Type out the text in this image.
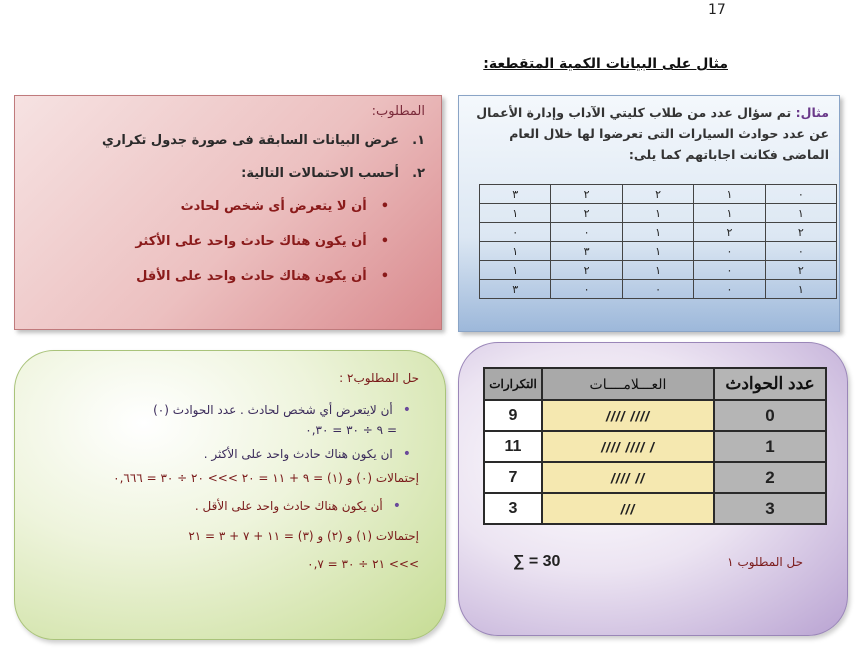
17
مثال على البيانات الكمية المتقطعة:
المطلوب:
١.
عرض البيانات السابقة فى صورة جدول تكراري
٢.
أحسب الاحتمالات التالية:
•
أن لا يتعرض أى شخص لحادث
•
أن يكون هناك حادث واحد على الأكثر
•
أن يكون هناك حادث واحد على الأقل
مثال: تم سؤال عدد من طلاب كليتي الآداب وإدارة الأعمال عن عدد حوادث السيارات التى تعرضوا لها خلال العام الماضى فكانت اجاباتهم كما يلى:
٠	١	٢	٢	٣
١	١	١	٢	١
٢	٢	١	٠	٠
٠	٠	١	٣	١
٢	٠	١	٢	١
١	٠	٠	٠	٣
حل المطلوب٢ :
•
أن لايتعرض أي شخص لحادث . عدد الحوادث (٠)
= ٩ ÷ ٣٠ = ٠,٣٠
•
ان يكون هناك حادث واحد على الأكثر .
إحتمالات (٠) و (١) = ٩ + ١١ = ٢٠ >>> ٢٠ ÷ ٣٠ = ٠,٦٦٦
•
أن يكون هناك حادث واحد على الأقل .
إحتمالات (١) و (٢) و (٣) = ١١ + ٧ + ٣ = ٢١
>>> ٢١ ÷ ٣٠ = ٠,٧
عدد الحوادث	العـــلامــــات	التكرارات
0	//// ////	9
1	/ //// ////	11
2	// ////	7
3	///	3
∑ = 30	حل المطلوب ١
